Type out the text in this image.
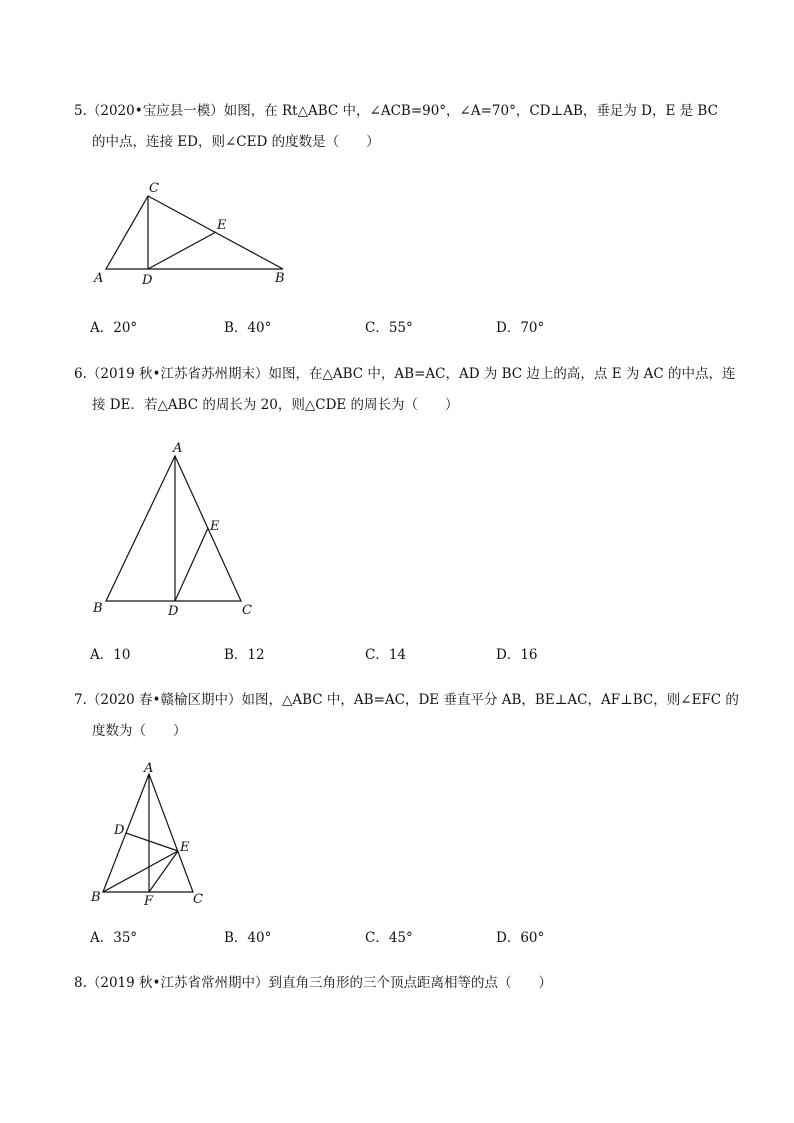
5.（2020•宝应县一模）如图，在 Rt△ABC 中，∠ACB=90°，∠A=70°，CD⊥AB，垂足为 D，E 是 BC
的中点，连接 ED，则∠CED 的度数是（　　）
C
A	D	B
E
A．20°	B．40°	C．55°	D．70°
6.（2019 秋•江苏省苏州期末）如图，在△ABC 中，AB=AC，AD 为 BC 边上的高，点 E 为 AC 的中点，连
接 DE．若△ABC 的周长为 20，则△CDE 的周长为（　　）
A
E
B	D	C
A．10	B．12	C．14	D．16
7.（2020 春•赣榆区期中）如图，△ABC 中，AB=AC，DE 垂直平分 AB，BE⊥AC，AF⊥BC，则∠EFC 的
度数为（　　）
A
D
E
B	F	C
A．35°	B．40°	C．45°	D．60°
8.（2019 秋•江苏省常州期中）到直角三角形的三个顶点距离相等的点（　　）
